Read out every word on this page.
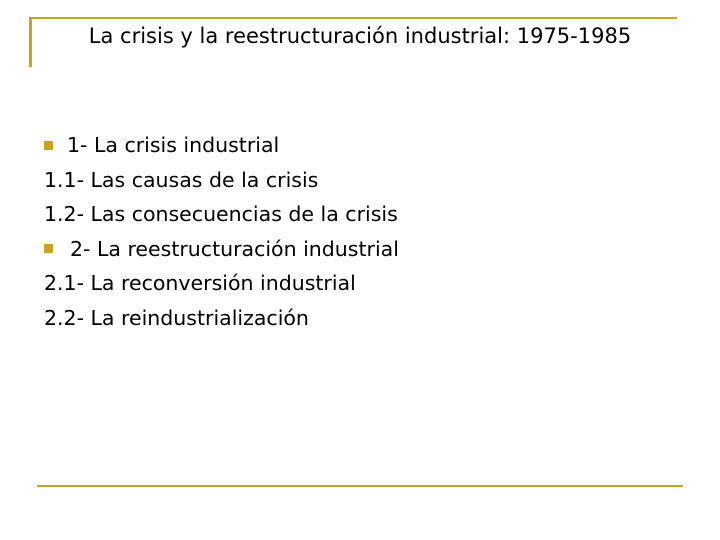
La crisis y la reestructuración industrial: 1975-1985
1- La crisis industrial
1.1- Las causas de la crisis
1.2- Las consecuencias de la crisis
2- La reestructuración industrial
2.1- La reconversión industrial
2.2- La reindustrialización
